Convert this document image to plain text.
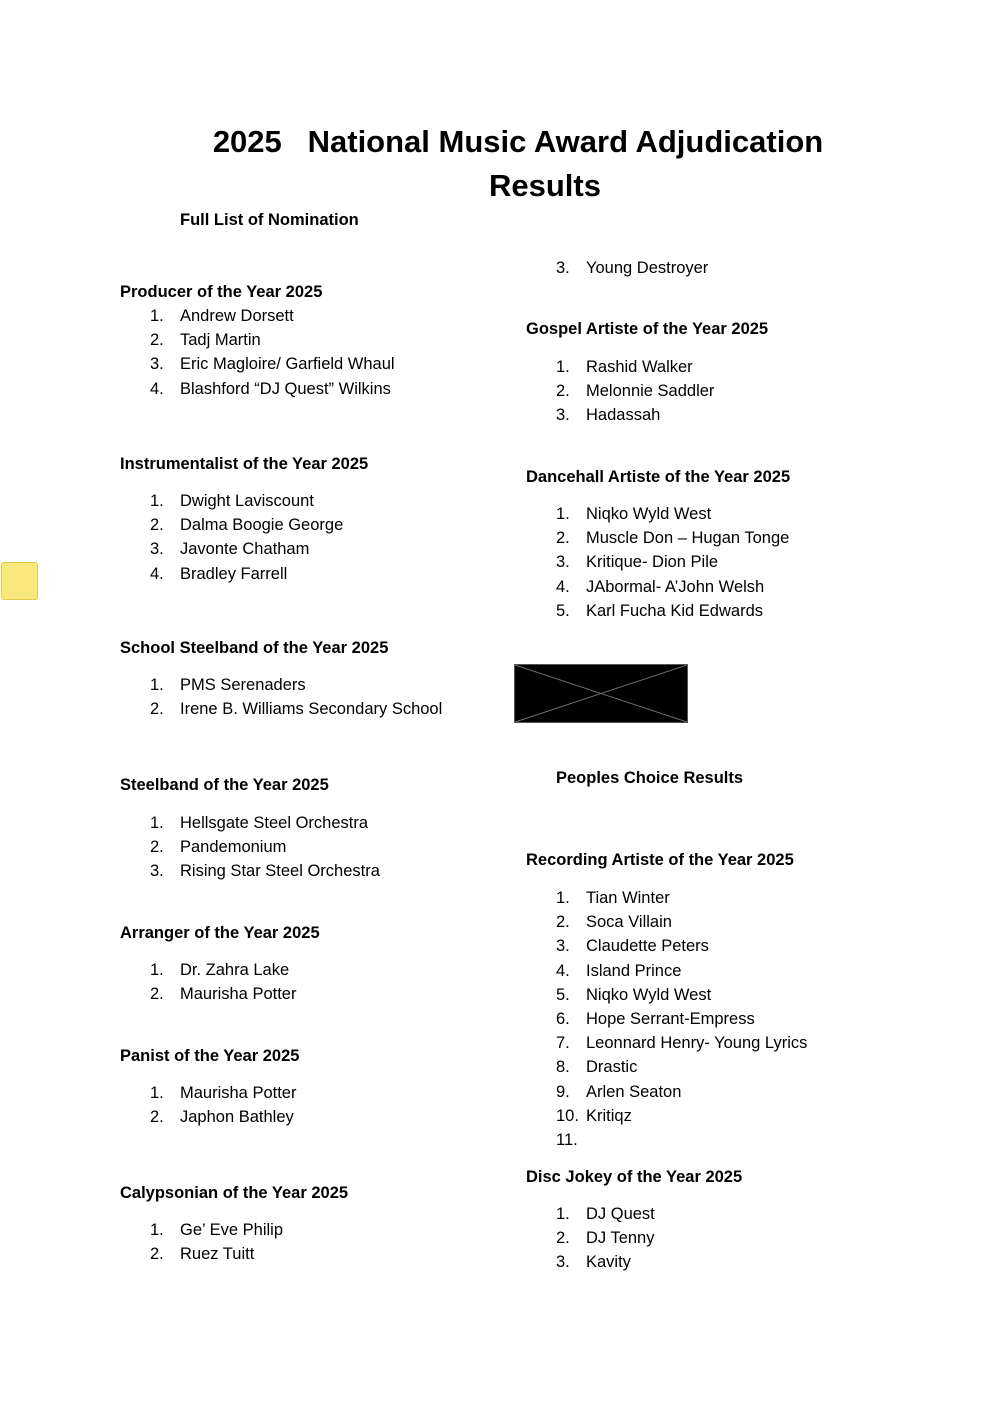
2025   National Music Award Adjudication
Results
Full List of Nomination
Producer of the Year 2025
1. Andrew Dorsett
2. Tadj Martin
3. Eric Magloire/ Garfield Whaul
4. Blashford “DJ Quest” Wilkins
Instrumentalist of the Year 2025
1. Dwight Laviscount
2. Dalma Boogie George
3. Javonte Chatham
4. Bradley Farrell
School Steelband of the Year 2025
1. PMS Serenaders
2. Irene B. Williams Secondary School
Steelband of the Year 2025
1. Hellsgate Steel Orchestra
2. Pandemonium
3. Rising Star Steel Orchestra
Arranger of the Year 2025
1. Dr. Zahra Lake
2. Maurisha Potter
Panist of the Year 2025
1. Maurisha Potter
2. Japhon Bathley
Calypsonian of the Year 2025
1. Ge’ Eve Philip
2. Ruez Tuitt
3. Young Destroyer
Gospel Artiste of the Year 2025
1. Rashid Walker
2. Melonnie Saddler
3. Hadassah
Dancehall Artiste of the Year 2025
1. Niqko Wyld West
2. Muscle Don – Hugan Tonge
3. Kritique- Dion Pile
4. JAbormal- A’John Welsh
5. Karl Fucha Kid Edwards
Peoples Choice Results
Recording Artiste of the Year 2025
1. Tian Winter
2. Soca Villain
3. Claudette Peters
4. Island Prince
5. Niqko Wyld West
6. Hope Serrant-Empress
7. Leonnard Henry- Young Lyrics
8. Drastic
9. Arlen Seaton
10. Kritiqz
11.
Disc Jokey of the Year 2025
1. DJ Quest
2. DJ Tenny
3. Kavity
